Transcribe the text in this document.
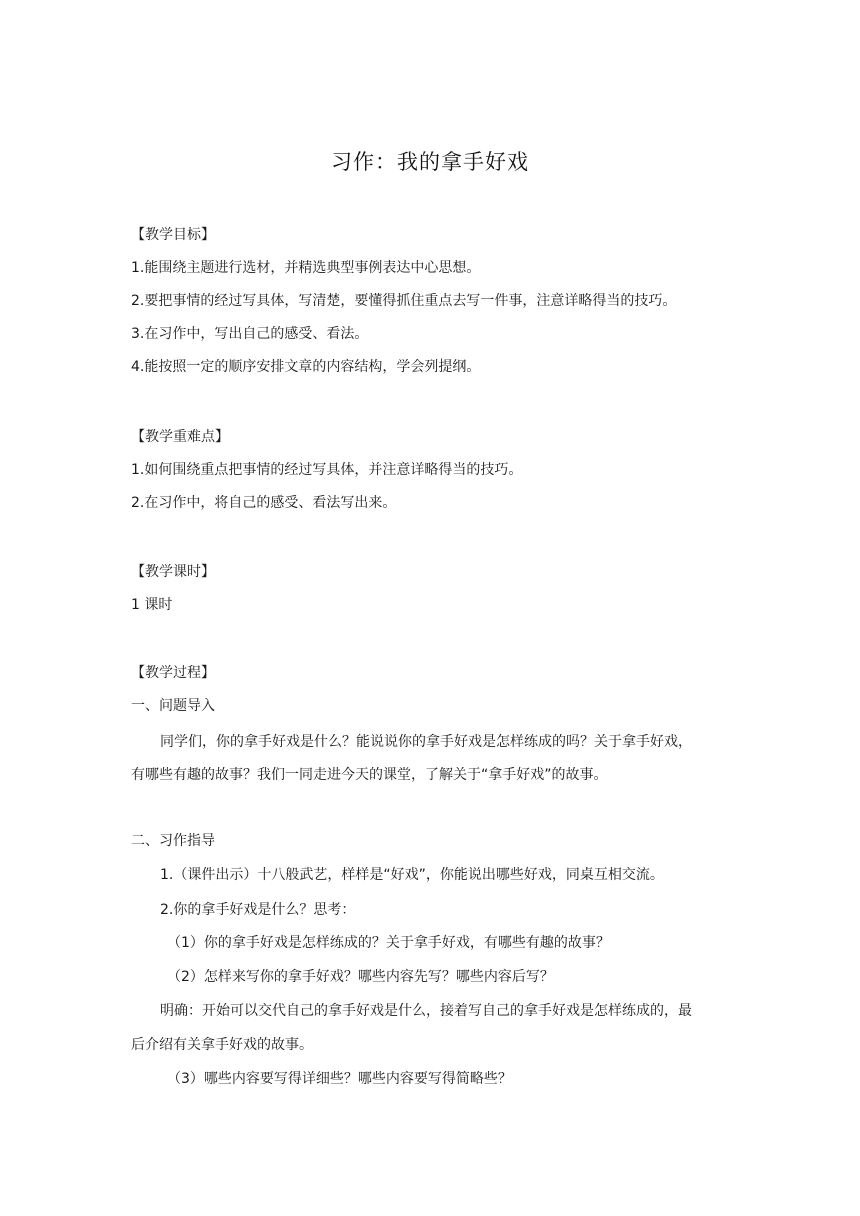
习作：我的拿手好戏
【教学目标】
1.能围绕主题进行选材，并精选典型事例表达中心思想。
2.要把事情的经过写具体，写清楚，要懂得抓住重点去写一件事，注意详略得当的技巧。
3.在习作中，写出自己的感受、看法。
4.能按照一定的顺序安排文章的内容结构，学会列提纲。
【教学重难点】
1.如何围绕重点把事情的经过写具体，并注意详略得当的技巧。
2.在习作中，将自己的感受、看法写出来。
【教学课时】
1 课时
【教学过程】
一、问题导入
同学们，你的拿手好戏是什么？能说说你的拿手好戏是怎样练成的吗？关于拿手好戏，
有哪些有趣的故事？我们一同走进今天的课堂，了解关于“拿手好戏”的故事。
二、习作指导
1.（课件出示）十八般武艺，样样是“好戏”，你能说出哪些好戏，同桌互相交流。
2.你的拿手好戏是什么？思考：
（1）你的拿手好戏是怎样练成的？关于拿手好戏，有哪些有趣的故事？
（2）怎样来写你的拿手好戏？哪些内容先写？哪些内容后写？
明确：开始可以交代自己的拿手好戏是什么，接着写自己的拿手好戏是怎样练成的，最
后介绍有关拿手好戏的故事。
（3）哪些内容要写得详细些？哪些内容要写得简略些？
